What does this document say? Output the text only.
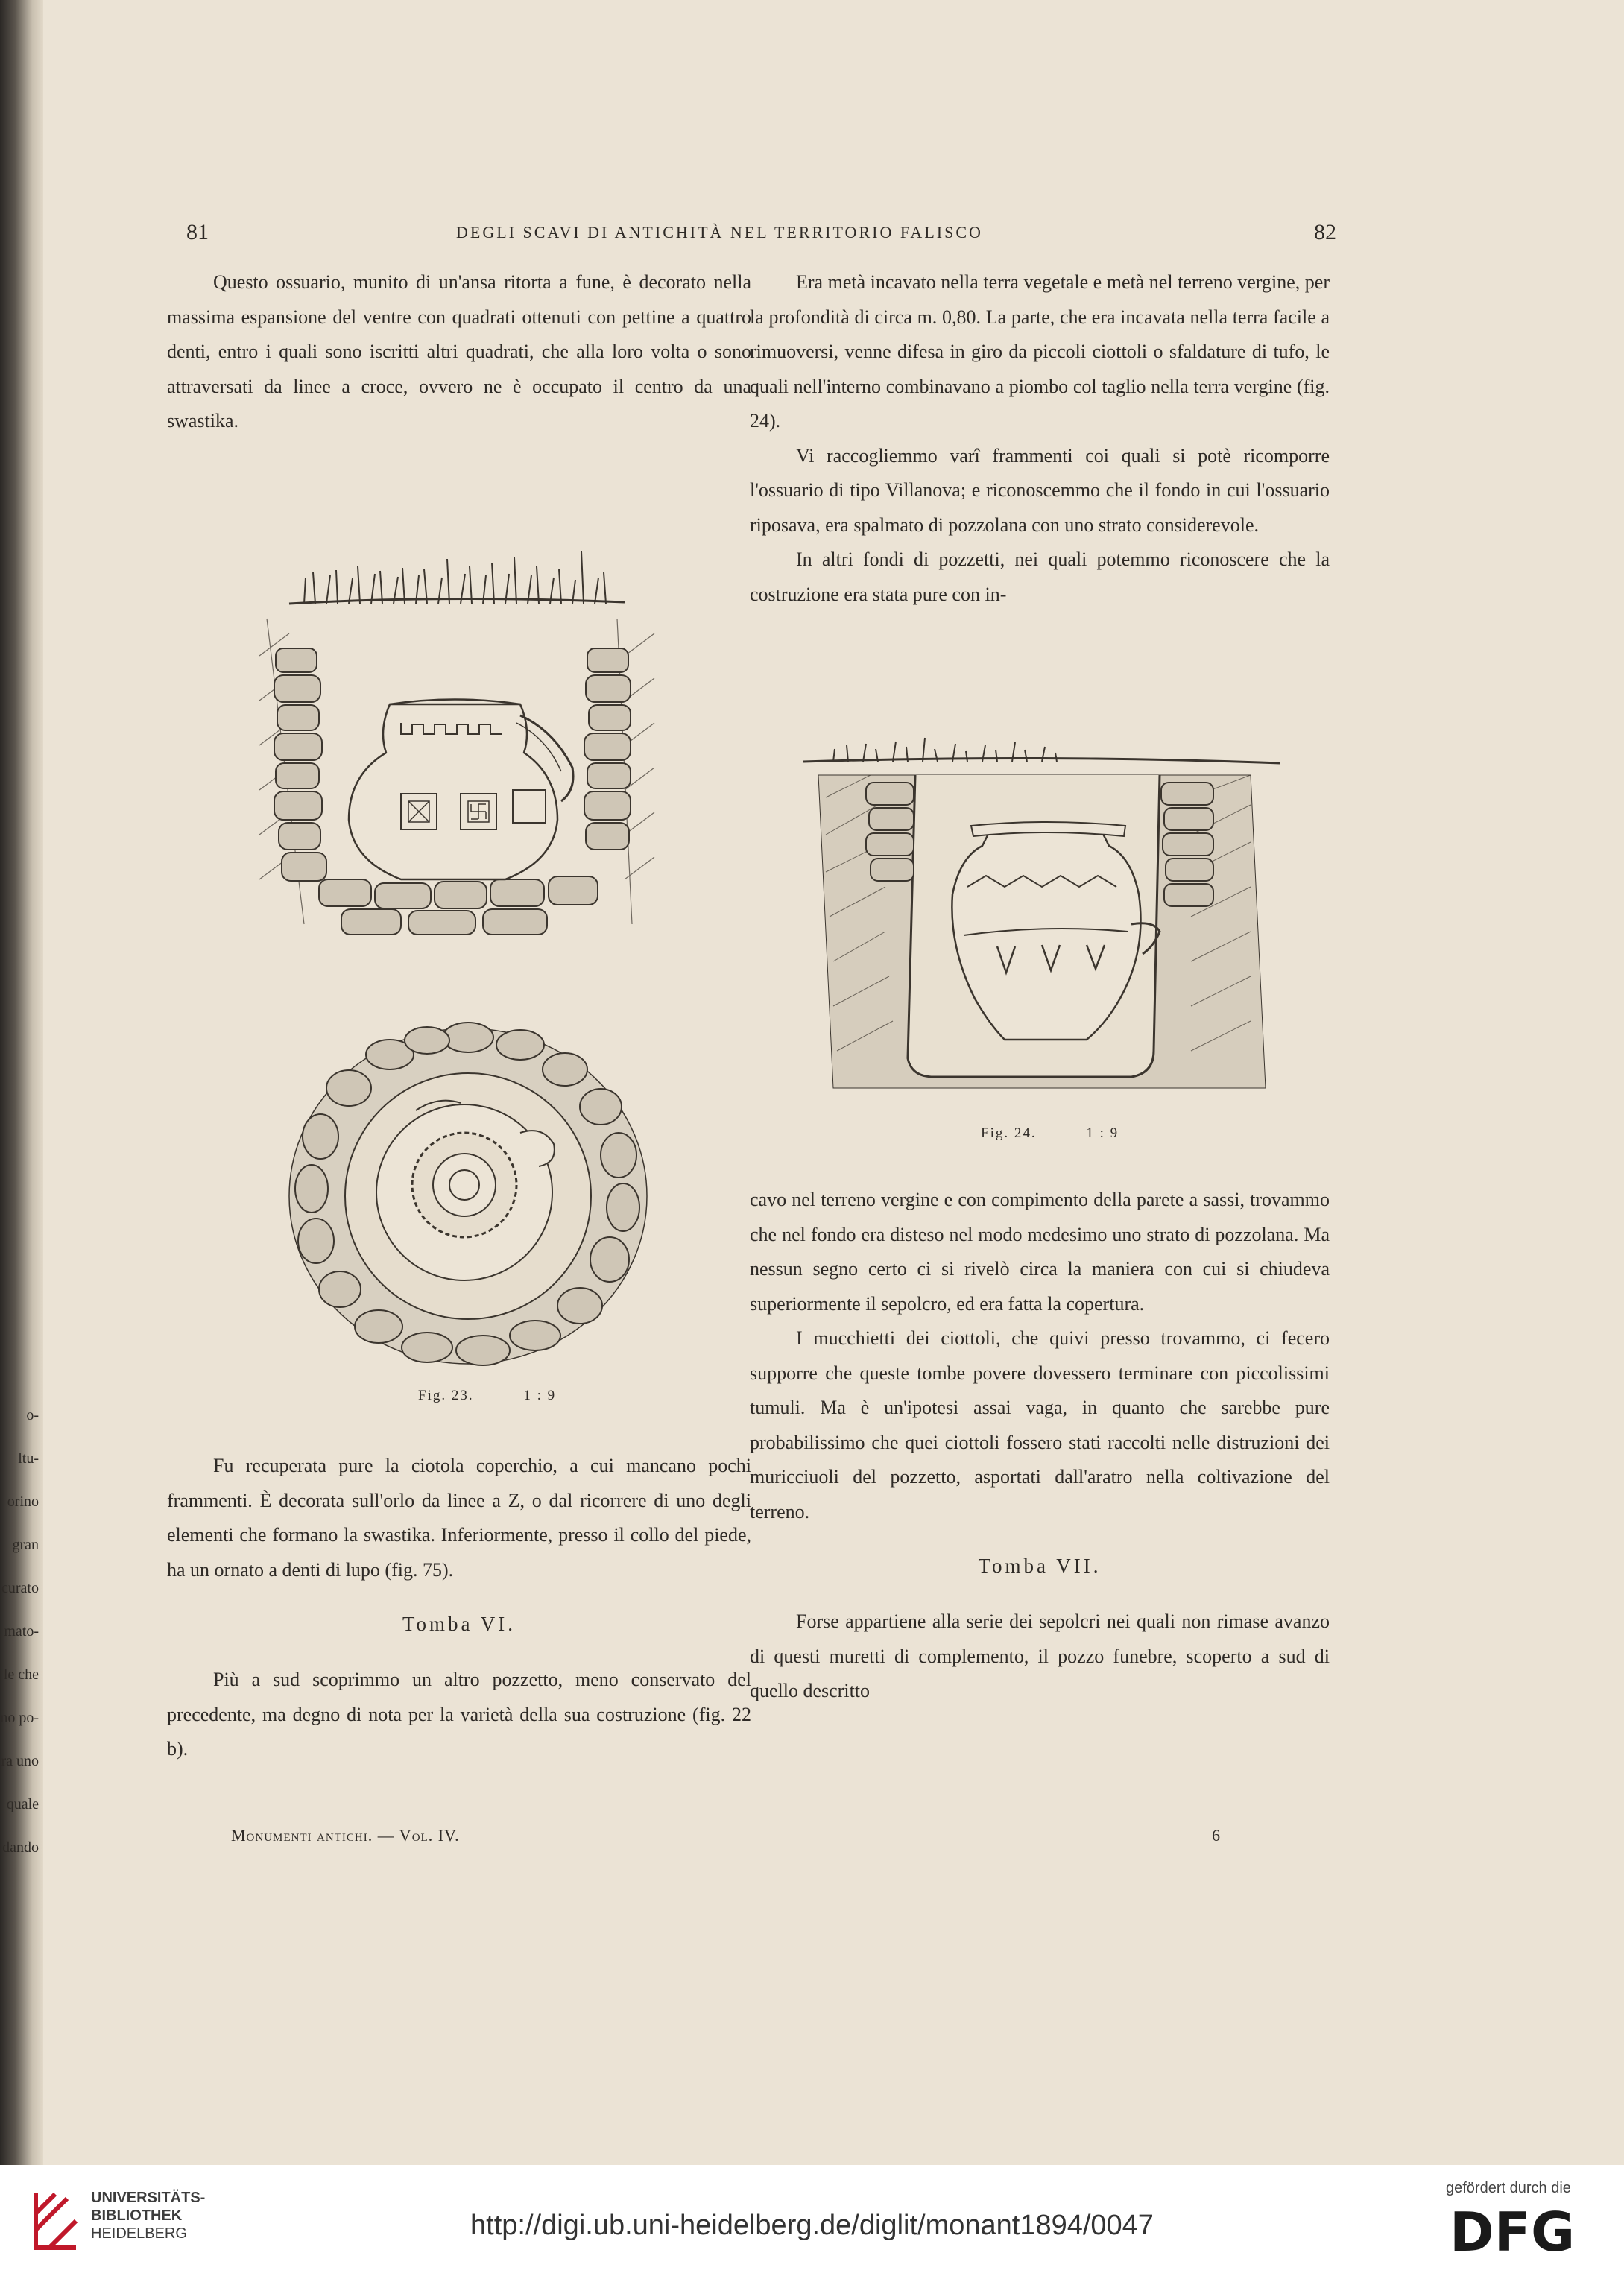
o-
ltu-
orino
gran
curato
mato-
le che
no po-
ra uno
quale
dando
81	DEGLI SCAVI DI ANTICHITÀ NEL TERRITORIO FALISCO	82

Questo ossuario, munito di un'ansa ritorta a fune, è decorato nella massima espansione del ventre con quadrati ottenuti con pettine a quattro denti, entro i quali sono iscritti altri quadrati, che alla loro volta o sono attraversati da linee a croce, ovvero ne è occupato il centro da una swastika.

Fig. 23.	1 : 9

Fu recuperata pure la ciotola coperchio, a cui mancano pochi frammenti. È decorata sull'orlo da linee a Z, o dal ricorrere di uno degli elementi che formano la swastika. Inferiormente, presso il collo del piede, ha un ornato a denti di lupo (fig. 75).

Tomba VI.

Più a sud scoprimmo un altro pozzetto, meno conservato del precedente, ma degno di nota per la varietà della sua costruzione (fig. 22 b).

Era metà incavato nella terra vegetale e metà nel terreno vergine, per la profondità di circa m. 0,80. La parte, che era incavata nella terra facile a rimuoversi, venne difesa in giro da piccoli ciottoli o sfaldature di tufo, le quali nell'interno combinavano a piombo col taglio nella terra vergine (fig. 24).

Vi raccogliemmo varî frammenti coi quali si potè ricomporre l'ossuario di tipo Villanova; e riconoscemmo che il fondo in cui l'ossuario riposava, era spalmato di pozzolana con uno strato considerevole.

In altri fondi di pozzetti, nei quali potemmo riconoscere che la costruzione era stata pure con in-

Fig. 24.	1 : 9

cavo nel terreno vergine e con compimento della parete a sassi, trovammo che nel fondo era disteso nel modo medesimo uno strato di pozzolana. Ma nessun segno certo ci si rivelò circa la maniera con cui si chiudeva superiormente il sepolcro, ed era fatta la copertura.

I mucchietti dei ciottoli, che quivi presso trovammo, ci fecero supporre che queste tombe povere dovessero terminare con piccolissimi tumuli. Ma è un'ipotesi assai vaga, in quanto che sarebbe pure probabilissimo che quei ciottoli fossero stati raccolti nelle distruzioni dei muricciuoli del pozzetto, asportati dall'aratro nella coltivazione del terreno.

Tomba VII.

Forse appartiene alla serie dei sepolcri nei quali non rimase avanzo di questi muretti di complemento, il pozzo funebre, scoperto a sud di quello descritto

Monumenti antichi. — Vol. IV.	6
UNIVERSITÄTS-
BIBLIOTHEK
HEIDELBERG	http://digi.ub.uni-heidelberg.de/diglit/monant1894/0047
gefördert durch die
DFG
